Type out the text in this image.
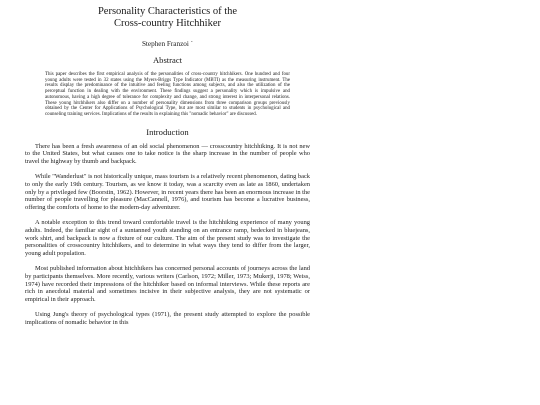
Personality Characteristics of the
Cross-country Hitchhiker
Stephen Franzoi `
Abstract

This paper describes the first empirical analysis of the personalities of cross-country hitchhikers. One hundred and four young adults were tested in 32 states using the Myers-Briggs Type Indicator (MBTI) as the measuring instrument. The results display the predominance of the intuitive and feeling functions among subjects, and also the utilization of the perceptual function in dealing with the environment. These findings suggest a personality which is impulsive and autonomous, having a high degree of tolerance for complexity and change, and strong interest in interpersonal relations. These young hitchhikers also differ on a number of personality dimensions from three comparison groups previously obtained by the Center for Applications of Psychological Type, but are most similar to students in psychological and counseling training services. Implications of the results in explaining this "nomadic behavior" are discussed.

Introduction

There has been a fresh awareness of an old social phenomenon — crosscountry hitchhiking. It is not new to the United States, but what causes one to take notice is the sharp increase in the number of people who travel the highway by thumb and backpack.

While "Wanderlust" is not historically unique, mass tourism is a relatively recent phenomenon, dating back to only the early 19th century. Tourism, as we know it today, was a scarcity even as late as 1860, undertaken only by a privileged few (Boorstin, 1962). However, in recent years there has been an enormous increase in the number of people travelling for pleasure (MacCannell, 1976), and tourism has become a lucrative business, offering the comforts of home to the modern-day adventurer.

A notable exception to this trend toward comfortable travel is the hitchhiking experience of many young adults. Indeed, the familiar sight of a suntanned youth standing on an entrance ramp, bedecked in bluejeans, work shirt, and backpack is now a fixture of our culture. The aim of the present study was to investigate the personalities of crosscountry hitchhikers, and to determine in what ways they tend to differ from the larger, young adult population.

Most published information about hitchhikers has concerned personal accounts of journeys across the land by participants themselves. More recently, various writers (Carlson, 1972; Miller, 1973; Mukerji, 1978; Weiss, 1974) have recorded their impressions of the hitchhiker based on informal interviews. While these reports are rich in anecdotal material and sometimes incisive in their subjective analysis, they are not systematic or empirical in their approach.

Using Jung's theory of psychological types (1971), the present study attempted to explore the possible implications of nomadic behavior in this
